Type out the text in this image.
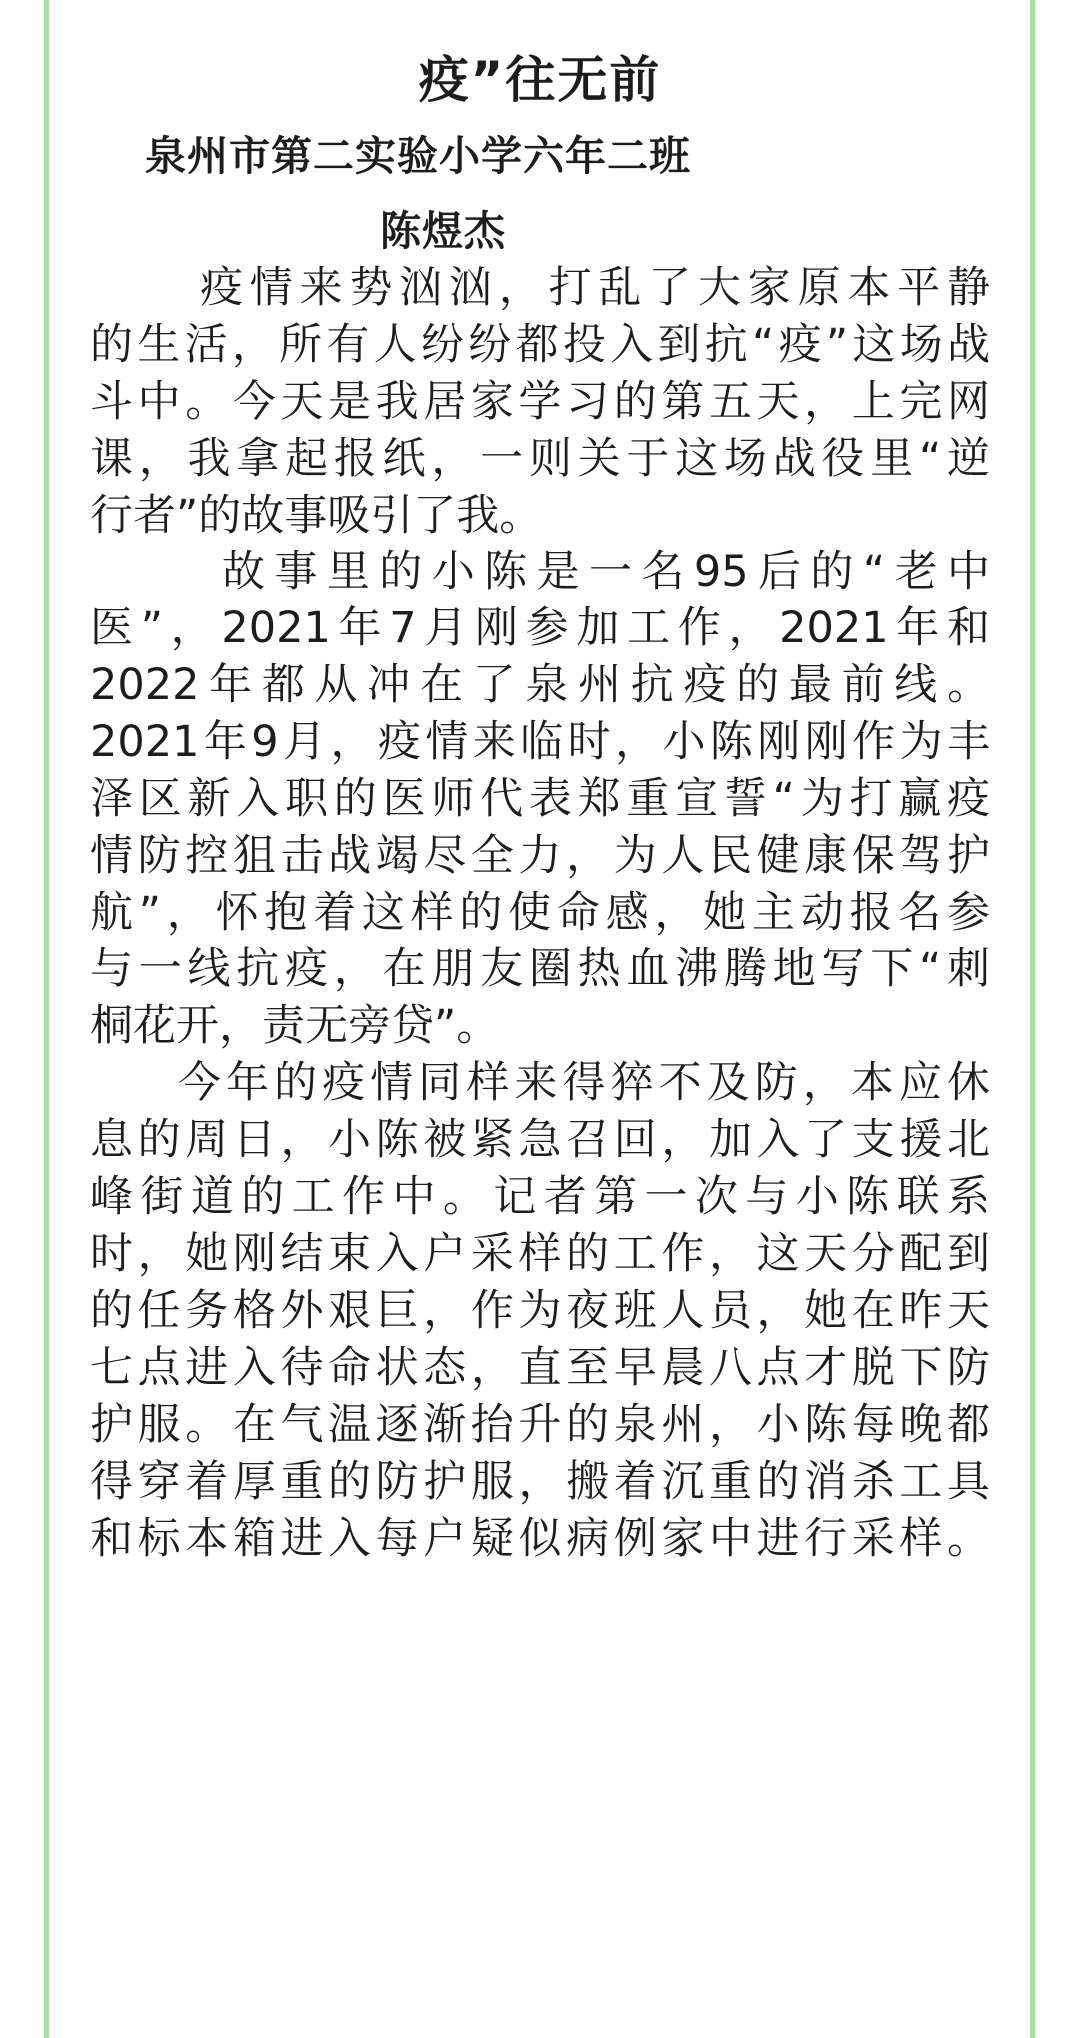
疫”往无前
泉州市第二实验小学六年二班
陈煜杰
疫情来势汹汹，打乱了大家原本平静
的生活，所有人纷纷都投入到抗“疫”这场战
斗中。今天是我居家学习的第五天，上完网
课，我拿起报纸，一则关于这场战役里“逆
行者”的故事吸引了我。
故事里的小陈是一名95后的“老中
医”，2021年7月刚参加工作，2021年和
2022年都从冲在了泉州抗疫的最前线。
2021年9月，疫情来临时，小陈刚刚作为丰
泽区新入职的医师代表郑重宣誓“为打赢疫
情防控狙击战竭尽全力，为人民健康保驾护
航”，怀抱着这样的使命感，她主动报名参
与一线抗疫，在朋友圈热血沸腾地写下“刺
桐花开，责无旁贷”。
今年的疫情同样来得猝不及防，本应休
息的周日，小陈被紧急召回，加入了支援北
峰街道的工作中。记者第一次与小陈联系
时，她刚结束入户采样的工作，这天分配到
的任务格外艰巨，作为夜班人员，她在昨天
七点进入待命状态，直至早晨八点才脱下防
护服。在气温逐渐抬升的泉州，小陈每晚都
得穿着厚重的防护服，搬着沉重的消杀工具
和标本箱进入每户疑似病例家中进行采样。
